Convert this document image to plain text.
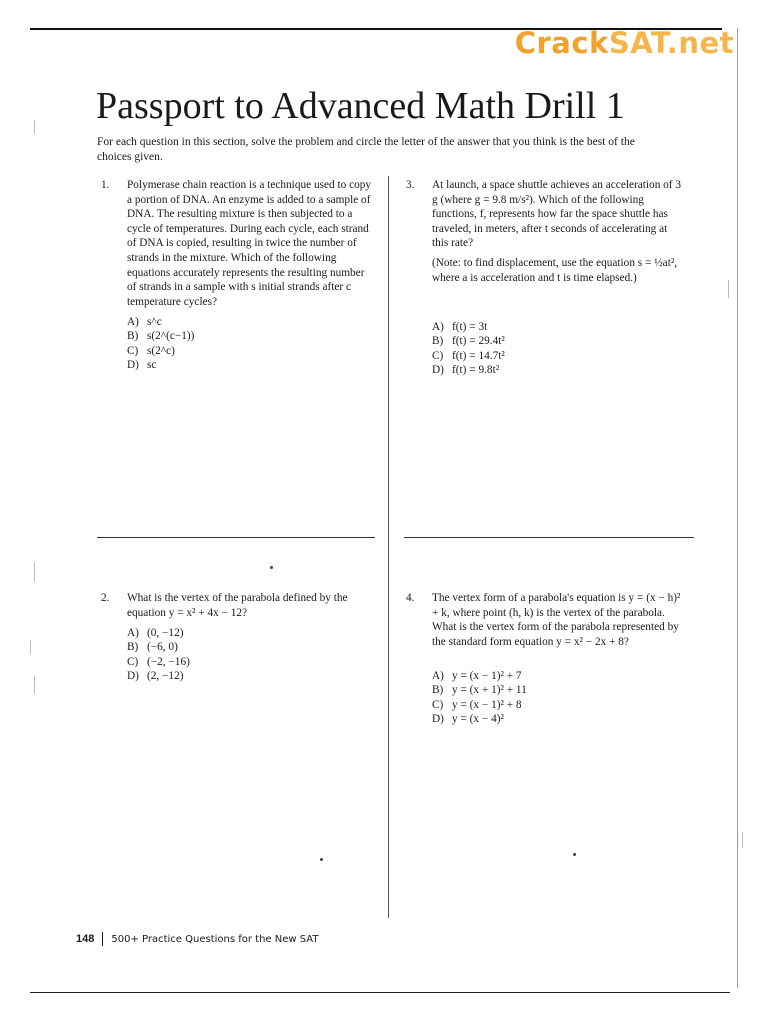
CrackSAT.net
Passport to Advanced Math Drill 1

For each question in this section, solve the problem and circle the letter of the answer that you think is the best of the choices given.

1. Polymerase chain reaction is a technique used to copy a portion of DNA. An enzyme is added to a sample of DNA. The resulting mixture is then subjected to a cycle of temperatures. During each cycle, each strand of DNA is copied, resulting in twice the number of strands in the mixture. Which of the following equations accurately represents the resulting number of strands in a sample with s initial strands after c temperature cycles?

A) s^c
B) s(2^(c−1))
C) s(2^c)
D) sc
3. At launch, a space shuttle achieves an acceleration of 3 g (where g = 9.8 m/s²). Which of the following functions, f, represents how far the space shuttle has traveled, in meters, after t seconds of accelerating at this rate?

(Note: to find displacement, use the equation s = ½at², where a is acceleration and t is time elapsed.)

A) f(t) = 3t
B) f(t) = 29.4t²
C) f(t) = 14.7t²
D) f(t) = 9.8t²
2. What is the vertex of the parabola defined by the equation y = x² + 4x − 12?

A) (0, −12)
B) (−6, 0)
C) (−2, −16)
D) (2, −12)
4. The vertex form of a parabola's equation is y = (x − h)² + k, where point (h, k) is the vertex of the parabola. What is the vertex form of the parabola represented by the standard form equation y = x² − 2x + 8?

A) y = (x − 1)² + 7
B) y = (x + 1)² + 11
C) y = (x − 1)² + 8
D) y = (x − 4)²
148 500+ Practice Questions for the New SAT
